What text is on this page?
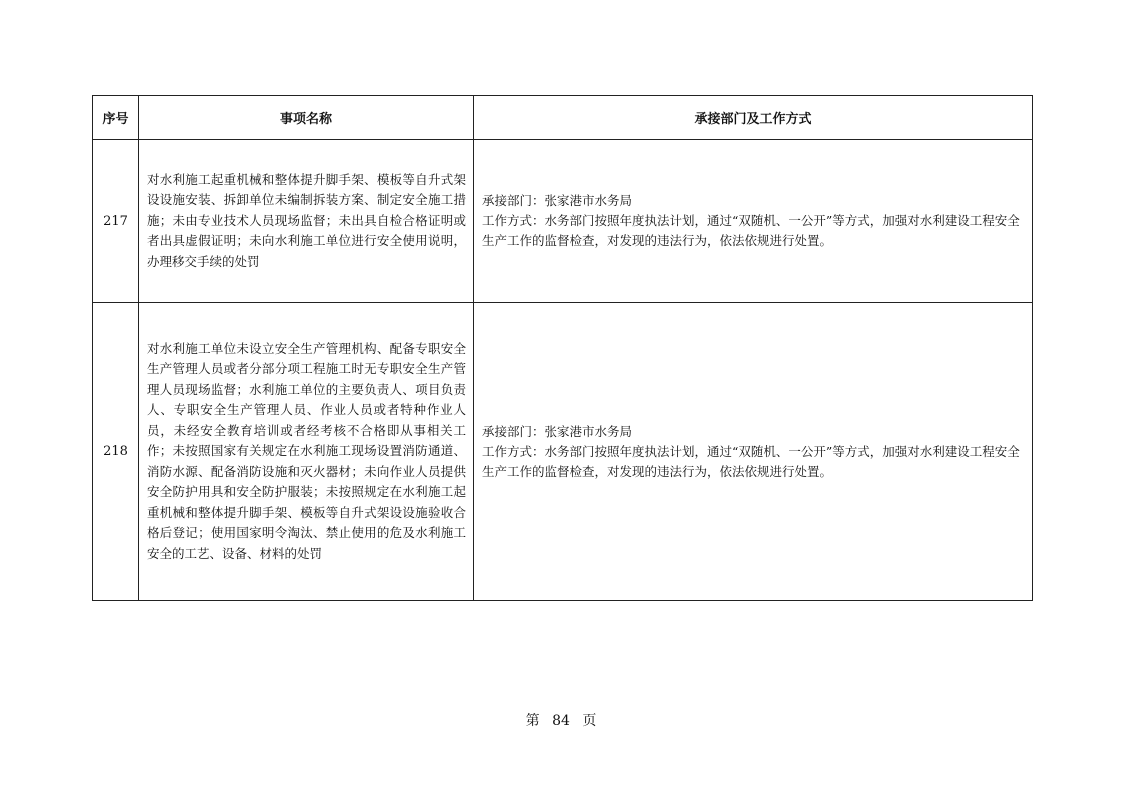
序号	事项名称	承接部门及工作方式
217	对水利施工起重机械和整体提升脚手架、模板等自升式架设设施安装、拆卸单位未编制拆装方案、制定安全施工措施；未由专业技术人员现场监督；未出具自检合格证明或者出具虚假证明；未向水利施工单位进行安全使用说明，办理移交手续的处罚	承接部门：张家港市水务局
工作方式：水务部门按照年度执法计划，通过“双随机、一公开”等方式，加强对水利建设工程安全生产工作的监督检查，对发现的违法行为，依法依规进行处置。

218	对水利施工单位未设立安全生产管理机构、配备专职安全生产管理人员或者分部分项工程施工时无专职安全生产管理人员现场监督；水利施工单位的主要负责人、项目负责人、专职安全生产管理人员、作业人员或者特种作业人员，未经安全教育培训或者经考核不合格即从事相关工作；未按照国家有关规定在水利施工现场设置消防通道、消防水源、配备消防设施和灭火器材；未向作业人员提供安全防护用具和安全防护服装；未按照规定在水利施工起重机械和整体提升脚手架、模板等自升式架设设施验收合格后登记；使用国家明令淘汰、禁止使用的危及水利施工安全的工艺、设备、材料的处罚	承接部门：张家港市水务局
工作方式：水务部门按照年度执法计划，通过“双随机、一公开”等方式，加强对水利建设工程安全生产工作的监督检查，对发现的违法行为，依法依规进行处置。
第 84 页
